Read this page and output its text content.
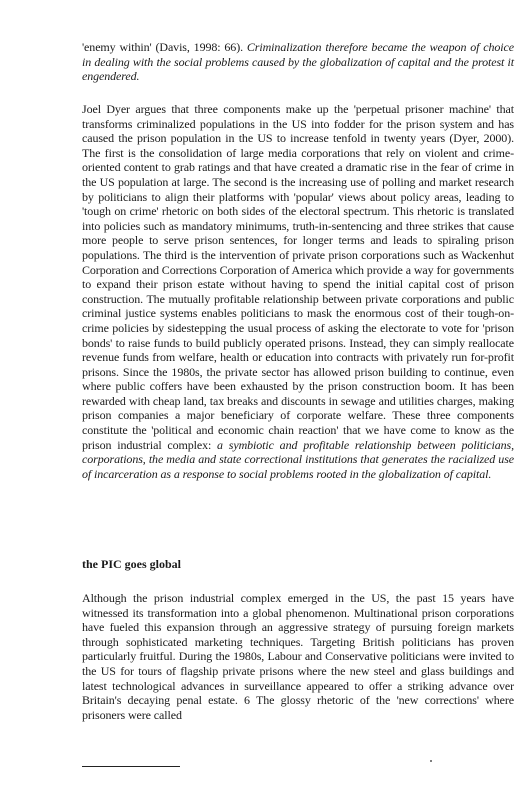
'enemy within' (Davis, 1998: 66). Criminalization therefore became the weapon of choice in dealing with the social problems caused by the globalization of capital and the protest it engendered.

Joel Dyer argues that three components make up the 'perpetual prisoner machine' that transforms criminalized populations in the US into fodder for the prison system and has caused the prison population in the US to increase tenfold in twenty years (Dyer, 2000). The first is the consolidation of large media corporations that rely on violent and crime-oriented content to grab ratings and that have created a dramatic rise in the fear of crime in the US population at large. The second is the increasing use of polling and market research by politicians to align their platforms with 'popular' views about policy areas, leading to 'tough on crime' rhetoric on both sides of the electoral spectrum. This rhetoric is translated into policies such as mandatory minimums, truth-in-sentencing and three strikes that cause more people to serve prison sentences, for longer terms and leads to spiraling prison populations. The third is the intervention of private prison corporations such as Wackenhut Corporation and Corrections Corporation of America which provide a way for governments to expand their prison estate without having to spend the initial capital cost of prison construction. The mutually profitable relationship between private corporations and public criminal justice systems enables politicians to mask the enormous cost of their tough-on-crime policies by sidestepping the usual process of asking the electorate to vote for 'prison bonds' to raise funds to build publicly operated prisons. Instead, they can simply reallocate revenue funds from welfare, health or education into contracts with privately run for-profit prisons. Since the 1980s, the private sector has allowed prison building to continue, even where public coffers have been exhausted by the prison construction boom. It has been rewarded with cheap land, tax breaks and discounts in sewage and utilities charges, making prison companies a major beneficiary of corporate welfare. These three components constitute the 'political and economic chain reaction' that we have come to know as the prison industrial complex: a symbiotic and profitable relationship between politicians, corporations, the media and state correctional institutions that generates the racialized use of incarceration as a response to social problems rooted in the globalization of capital.

the PIC goes global

Although the prison industrial complex emerged in the US, the past 15 years have witnessed its transformation into a global phenomenon. Multinational prison corporations have fueled this expansion through an aggressive strategy of pursuing foreign markets through sophisticated marketing techniques. Targeting British politicians has proven particularly fruitful. During the 1980s, Labour and Conservative politicians were invited to the US for tours of flagship private prisons where the new steel and glass buildings and latest technological advances in surveillance appeared to offer a striking advance over Britain's decaying penal estate. 6 The glossy rhetoric of the 'new corrections' where prisoners were called
